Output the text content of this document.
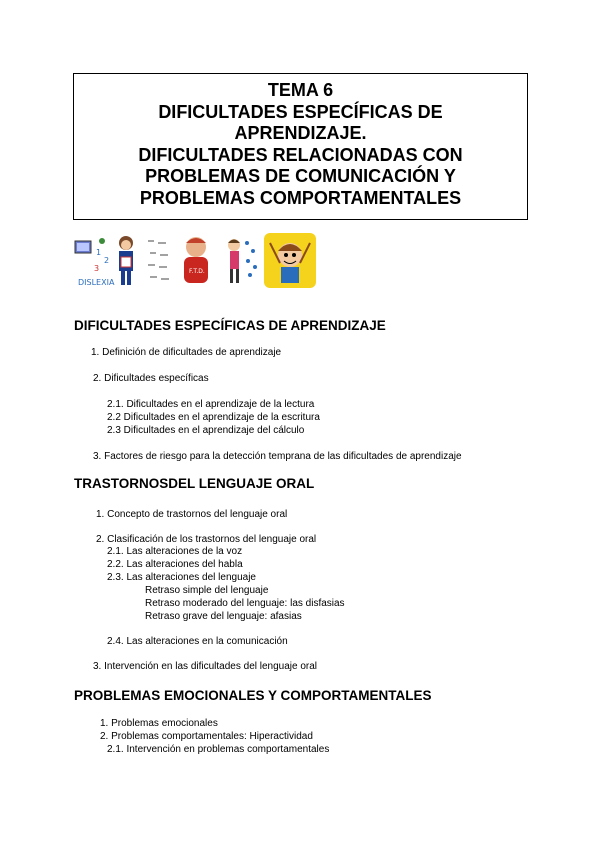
TEMA 6
DIFICULTADES ESPECÍFICAS DE
APRENDIZAJE.
DIFICULTADES RELACIONADAS CON
PROBLEMAS DE COMUNICACIÓN Y
PROBLEMAS COMPORTAMENTALES
1
2
3
DISLEXIA
F.T.D.
DIFICULTADES ESPECÍFICAS DE APRENDIZAJE
1. Definición de dificultades de aprendizaje
2. Dificultades específicas
2.1. Dificultades en el aprendizaje de la lectura
2.2 Dificultades en el aprendizaje de la escritura
2.3 Dificultades en el aprendizaje del cálculo
3. Factores de riesgo para la detección temprana de las dificultades de aprendizaje
TRASTORNOSDEL LENGUAJE ORAL
1. Concepto de trastornos del lenguaje oral
2. Clasificación de los trastornos del lenguaje oral
2.1. Las alteraciones de la voz
2.2. Las alteraciones del habla
2.3. Las alteraciones del lenguaje
Retraso simple del lenguaje
Retraso moderado del lenguaje: las disfasias
Retraso grave del lenguaje: afasias
2.4. Las alteraciones en la comunicación
3. Intervención en las dificultades del lenguaje oral
PROBLEMAS EMOCIONALES Y COMPORTAMENTALES
1. Problemas emocionales
2. Problemas comportamentales: Hiperactividad
2.1. Intervención en problemas comportamentales
